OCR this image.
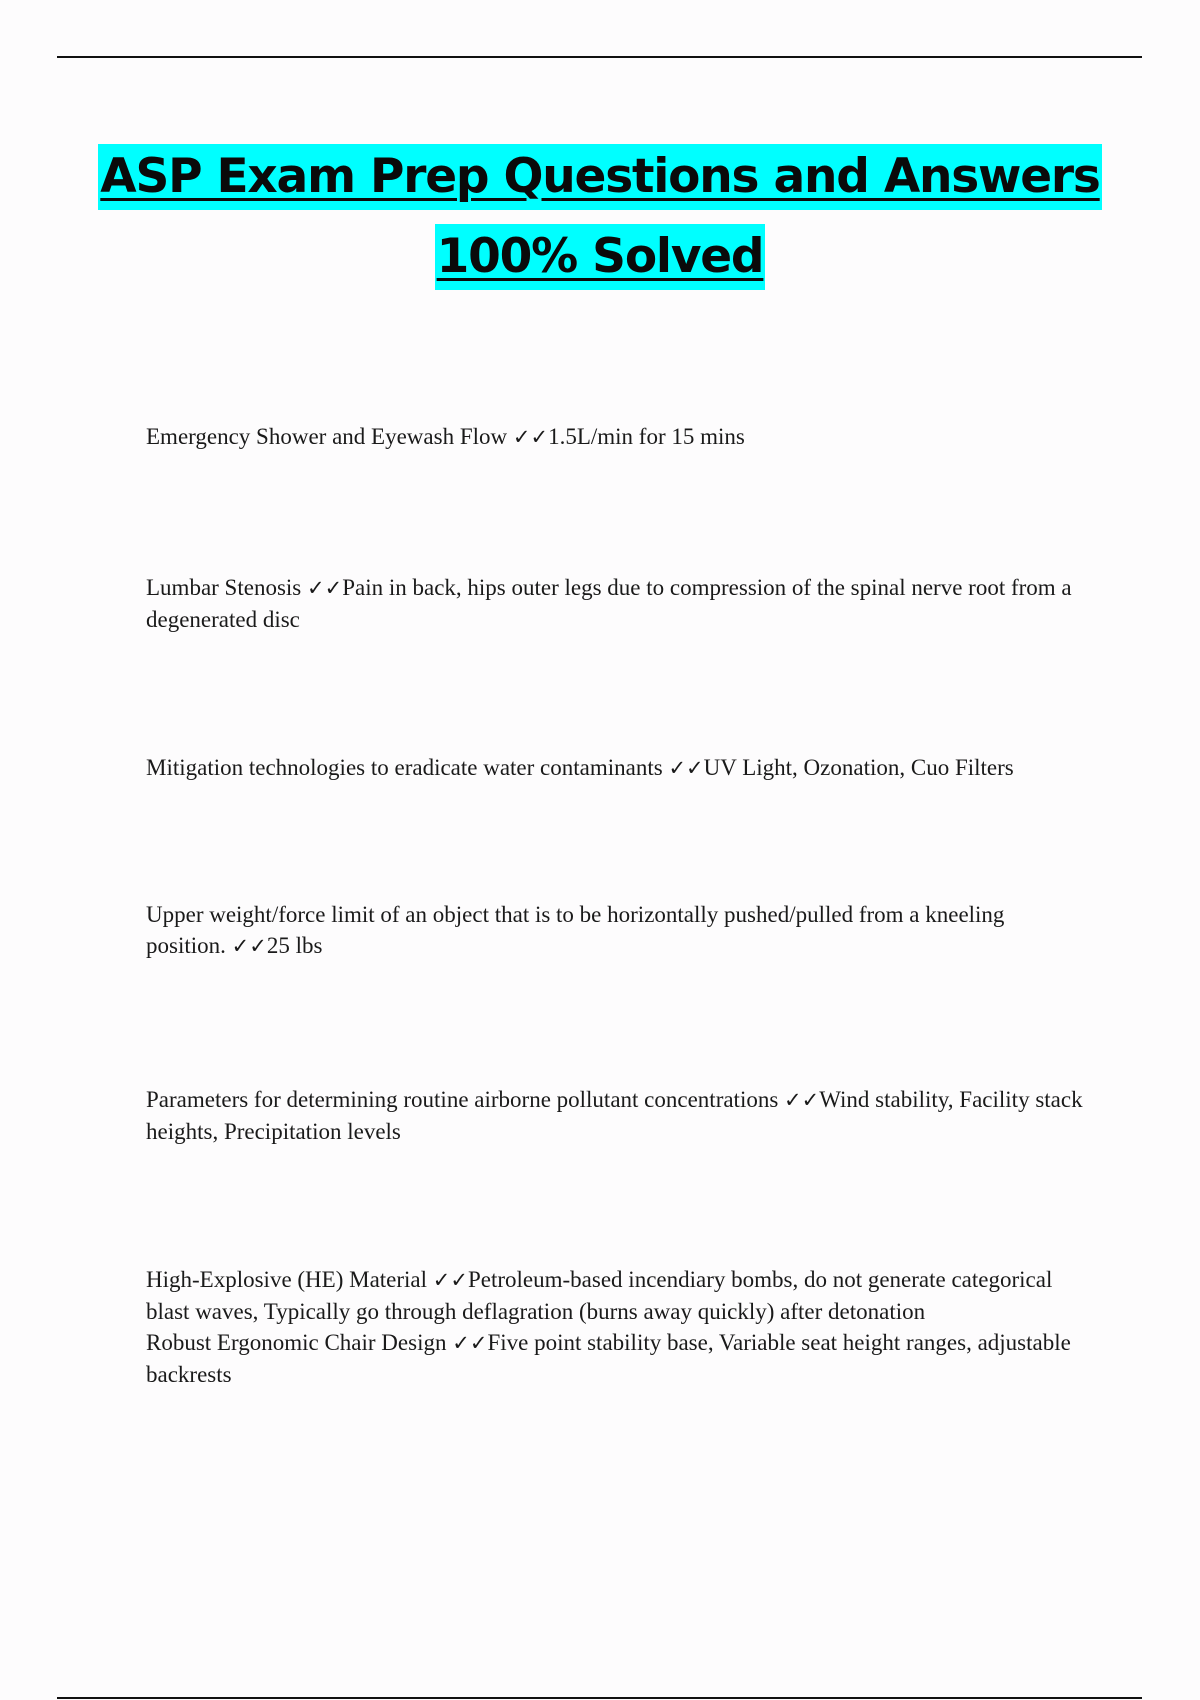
ASP Exam Prep Questions and Answers
100% Solved
Emergency Shower and Eyewash Flow ✓✓1.5L/min for 15 mins
Lumbar Stenosis ✓✓Pain in back, hips outer legs due to compression of the spinal nerve root from a degenerated disc
Mitigation technologies to eradicate water contaminants ✓✓UV Light, Ozonation, Cuo Filters
Upper weight/force limit of an object that is to be horizontally pushed/pulled from a kneeling position. ✓✓25 lbs
Parameters for determining routine airborne pollutant concentrations ✓✓Wind stability, Facility stack heights, Precipitation levels
High-Explosive (HE) Material ✓✓Petroleum-based incendiary bombs, do not generate categorical blast waves, Typically go through deflagration (burns away quickly) after detonation
Robust Ergonomic Chair Design ✓✓Five point stability base, Variable seat height ranges, adjustable backrests
